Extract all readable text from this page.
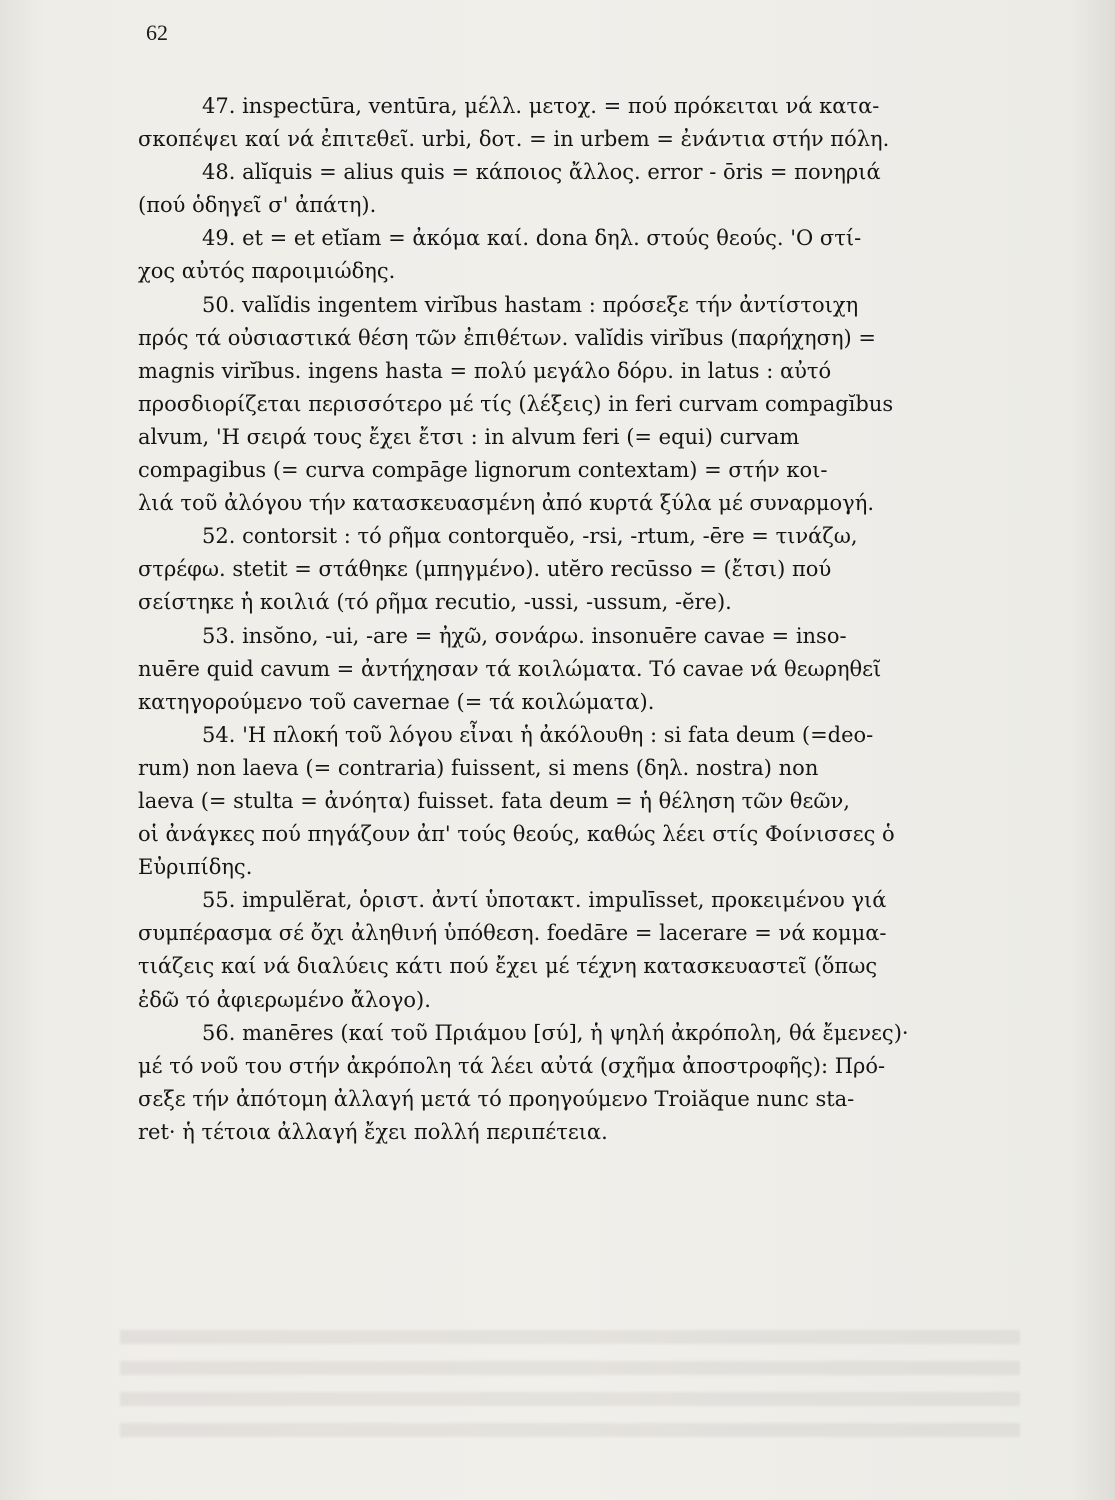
62
47. inspectūra, ventūra, μέλλ. μετοχ. = πού πρόκειται νά κατα-
σκοπέψει καί νά ἐπιτεθεῖ. urbi, δοτ. = in urbem = ἐνάντια στήν πόλη.
48. alĭquis = alius quis = κάποιος ἄλλος. error - ōris = πονηριά
(πού ὁδηγεῖ σ' ἀπάτη).
49. et = et etĭam = ἀκόμα καί. dona δηλ. στούς θεούς. 'Ο στί-
χος αὐτός παροιμιώδης.
50. valĭdis ingentem virĭbus hastam : πρόσεξε τήν ἀντίστοιχη
πρός τά οὐσιαστικά θέση τῶν ἐπιθέτων. valĭdis virĭbus (παρήχηση) =
magnis virĭbus. ingens hasta = πολύ μεγάλο δόρυ. in latus : αὐτό
προσδιορίζεται περισσότερο μέ τίς (λέξεις) in feri curvam compagĭbus
alvum, 'Η σειρά τους ἔχει ἔτσι : in alvum feri (= equi) curvam
compagibus (= curva compāge lignorum contextam) = στήν κοι-
λιά τοῦ ἀλόγου τήν κατασκευασμένη ἀπό κυρτά ξύλα μέ συναρμογή.
52. contorsit : τό ρῆμα contorquĕo, -rsi, -rtum, -ēre = τινάζω,
στρέφω. stetit = στάθηκε (μπηγμένο). utĕro recūsso = (ἔτσι) πού
σείστηκε ἡ κοιλιά (τό ρῆμα recutio, -ussi, -ussum, -ĕre).
53. insŏno, -ui, -are = ἠχῶ, σονάρω. insonuēre cavae = inso-
nuēre quid cavum = ἀντήχησαν τά κοιλώματα. Τό cavae νά θεωρηθεῖ
κατηγορούμενο τοῦ cavernae (= τά κοιλώματα).
54. 'Η πλοκή τοῦ λόγου εἶναι ἡ ἀκόλουθη : si fata deum (=deo-
rum) non laeva (= contraria) fuissent, si mens (δηλ. nostra) non
laeva (= stulta = ἀνόητα) fuisset. fata deum = ἡ θέληση τῶν θεῶν,
οἱ ἀνάγκες πού πηγάζουν ἀπ' τούς θεούς, καθώς λέει στίς Φοίνισσες ὁ
Εὐριπίδης.
55. impulĕrat, ὁριστ. ἀντί ὑποτακτ. impulīsset, προκειμένου γιά
συμπέρασμα σέ ὄχι ἀληθινή ὑπόθεση. foedāre = lacerare = νά κομμα-
τιάζεις καί νά διαλύεις κάτι πού ἔχει μέ τέχνη κατασκευαστεῖ (ὅπως
ἐδῶ τό ἀφιερωμένο ἄλογο).
56. manēres (καί τοῦ Πριάμου [σύ], ἡ ψηλή ἀκρόπολη, θά ἔμενες)·
μέ τό νοῦ του στήν ἀκρόπολη τά λέει αὐτά (σχῆμα ἀποστροφῆς): Πρό-
σεξε τήν ἀπότομη ἀλλαγή μετά τό προηγούμενο Troiăque nunc sta-
ret· ἡ τέτοια ἀλλαγή ἔχει πολλή περιπέτεια.
